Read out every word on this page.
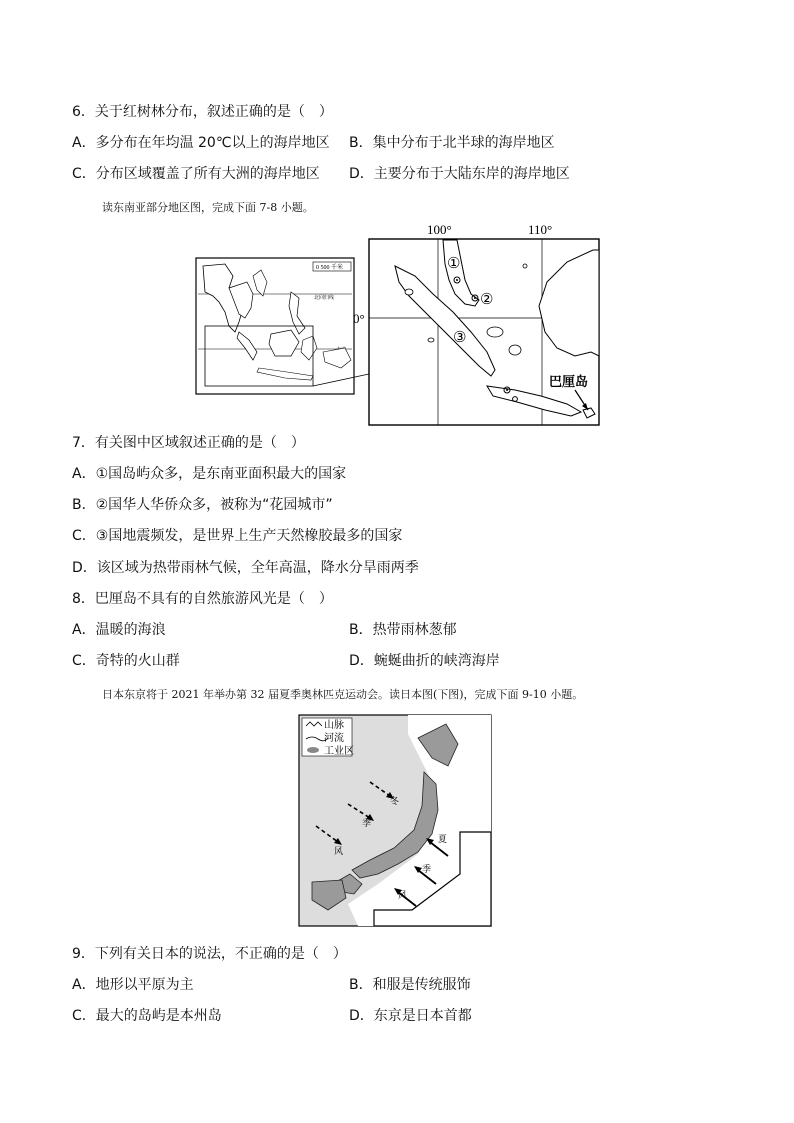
6．关于红树林分布，叙述正确的是（　）
A．多分布在年均温 20℃以上的海岸地区 B．集中分布于北半球的海岸地区
C．分布区域覆盖了所有大洲的海岸地区 D．主要分布于大陆东岸的海岸地区
读东南亚部分地区图，完成下面 7-8 小题。
0 500 千米
北回归线
100°	110°
0°
①
②
③
巴厘岛
7．有关图中区域叙述正确的是（　）
A．①国岛屿众多，是东南亚面积最大的国家
B．②国华人华侨众多，被称为“花园城市”
C．③国地震频发，是世界上生产天然橡胶最多的国家
D．该区域为热带雨林气候，全年高温，降水分旱雨两季
8．巴厘岛不具有的自然旅游风光是（　）
A．温暖的海浪	B．热带雨林葱郁
C．奇特的火山群	D．蜿蜒曲折的峡湾海岸
日本东京将于 2021 年举办第 32 届夏季奥林匹克运动会。读日本图(下图)，完成下面 9-10 小题。
山脉
河流
工业区
冬
季
风
夏
季
风
9．下列有关日本的说法，不正确的是（　）
A．地形以平原为主	B．和服是传统服饰
C．最大的岛屿是本州岛	D．东京是日本首都
